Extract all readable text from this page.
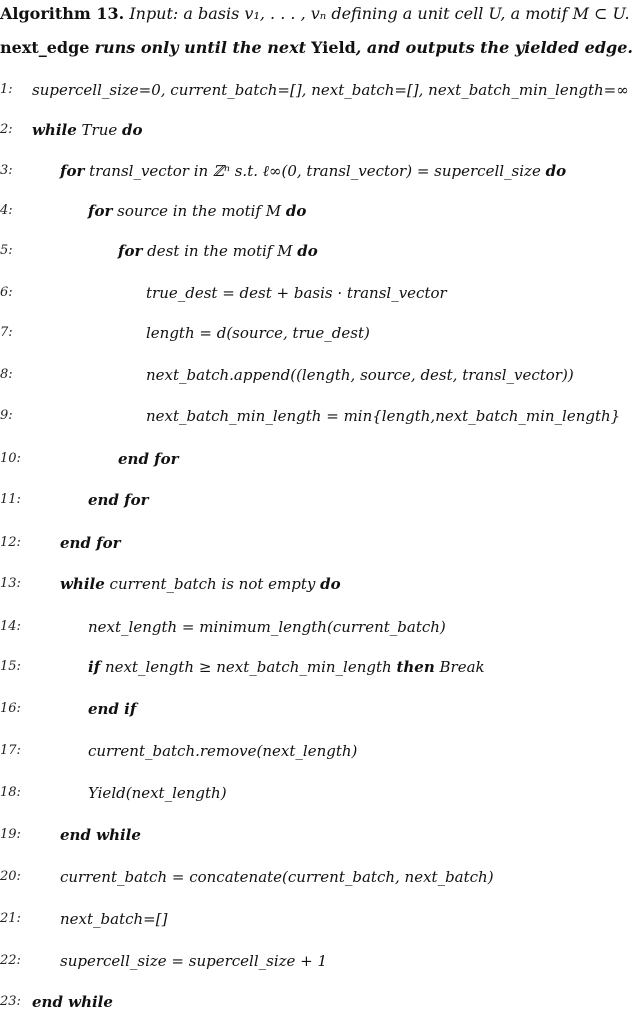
Algorithm 13. Input: a basis v₁, . . . , vₙ defining a unit cell U, a motif M ⊂ U.
next_edge runs only until the next Yield, and outputs the yielded edge.
1:	supercell_size=0, current_batch=[], next_batch=[], next_batch_min_length=∞
2:	while True do
3:	for transl_vector in ℤⁿ s.t. ℓ∞(0, transl_vector) = supercell_size do
4:	for source in the motif M do
5:	for dest in the motif M do
6:	true_dest = dest + basis · transl_vector
7:	length = d(source, true_dest)
8:	next_batch.append((length, source, dest, transl_vector))
9:	next_batch_min_length = min{length,next_batch_min_length}
10:	end for
11:	end for
12:	end for
13:	while current_batch is not empty do
14:	next_length = minimum_length(current_batch)
15:	if next_length ≥ next_batch_min_length then Break
16:	end if
17:	current_batch.remove(next_length)
18:	Yield(next_length)
19:	end while
20:	current_batch = concatenate(current_batch, next_batch)
21:	next_batch=[]
22:	supercell_size = supercell_size + 1
23: end while
